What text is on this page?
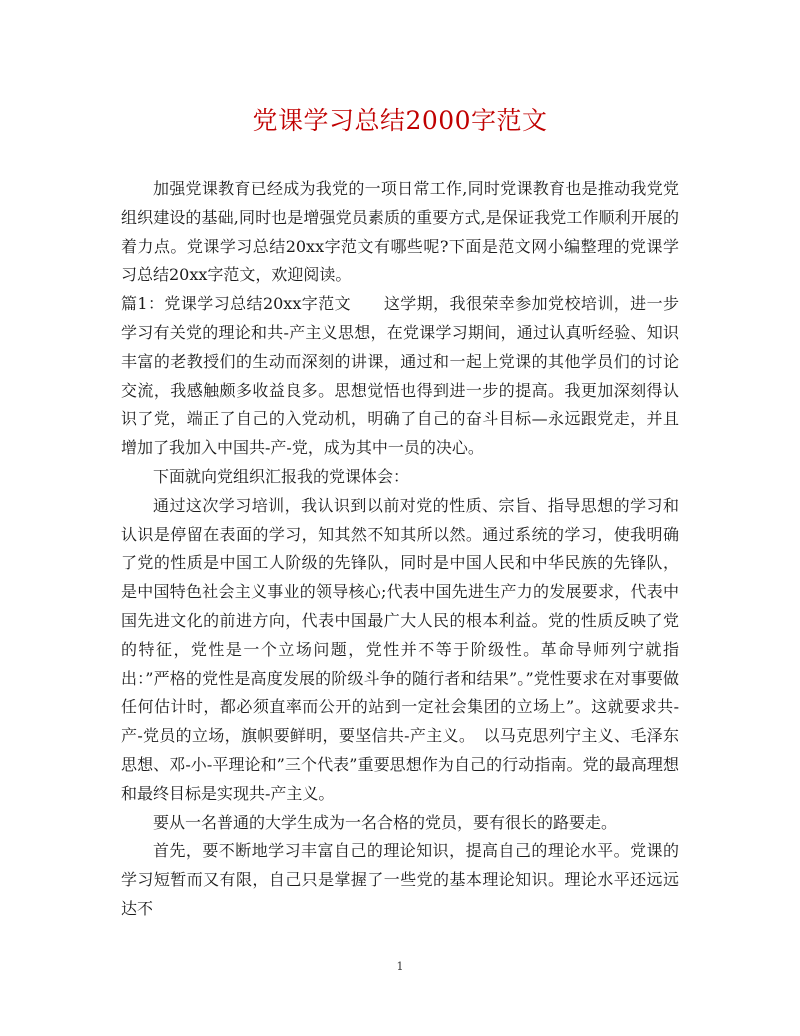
党课学习总结2000字范文

加强党课教育已经成为我党的一项日常工作,同时党课教育也是推动我党党组织建设的基础,同时也是增强党员素质的重要方式,是保证我党工作顺利开展的着力点。党课学习总结20xx字范文有哪些呢?下面是范文网小编整理的党课学习总结20xx字范文，欢迎阅读。

篇1：党课学习总结20xx字范文　　这学期，我很荣幸参加党校培训，进一步学习有关党的理论和共-产主义思想，在党课学习期间，通过认真听经验、知识丰富的老教授们的生动而深刻的讲课，通过和一起上党课的其他学员们的讨论交流，我感触颇多收益良多。思想觉悟也得到进一步的提高。我更加深刻得认识了党，端正了自己的入党动机，明确了自己的奋斗目标—永远跟党走，并且增加了我加入中国共-产-党，成为其中一员的决心。

下面就向党组织汇报我的党课体会：

通过这次学习培训，我认识到以前对党的性质、宗旨、指导思想的学习和认识是停留在表面的学习，知其然不知其所以然。通过系统的学习，使我明确了党的性质是中国工人阶级的先锋队，同时是中国人民和中华民族的先锋队，是中国特色社会主义事业的领导核心;代表中国先进生产力的发展要求，代表中国先进文化的前进方向，代表中国最广大人民的根本利益。党的性质反映了党的特征，党性是一个立场问题，党性并不等于阶级性。革命导师列宁就指出：”严格的党性是高度发展的阶级斗争的随行者和结果”。”党性要求在对事要做任何估计时，都必须直率而公开的站到一定社会集团的立场上”。这就要求共-产-党员的立场，旗帜要鲜明，要坚信共-产主义。　以马克思列宁主义、毛泽东思想、邓-小-平理论和”三个代表”重要思想作为自己的行动指南。党的最高理想和最终目标是实现共-产主义。

要从一名普通的大学生成为一名合格的党员，要有很长的路要走。

首先，要不断地学习丰富自己的理论知识，提高自己的理论水平。党课的学习短暂而又有限，自己只是掌握了一些党的基本理论知识。理论水平还远远达不

1
